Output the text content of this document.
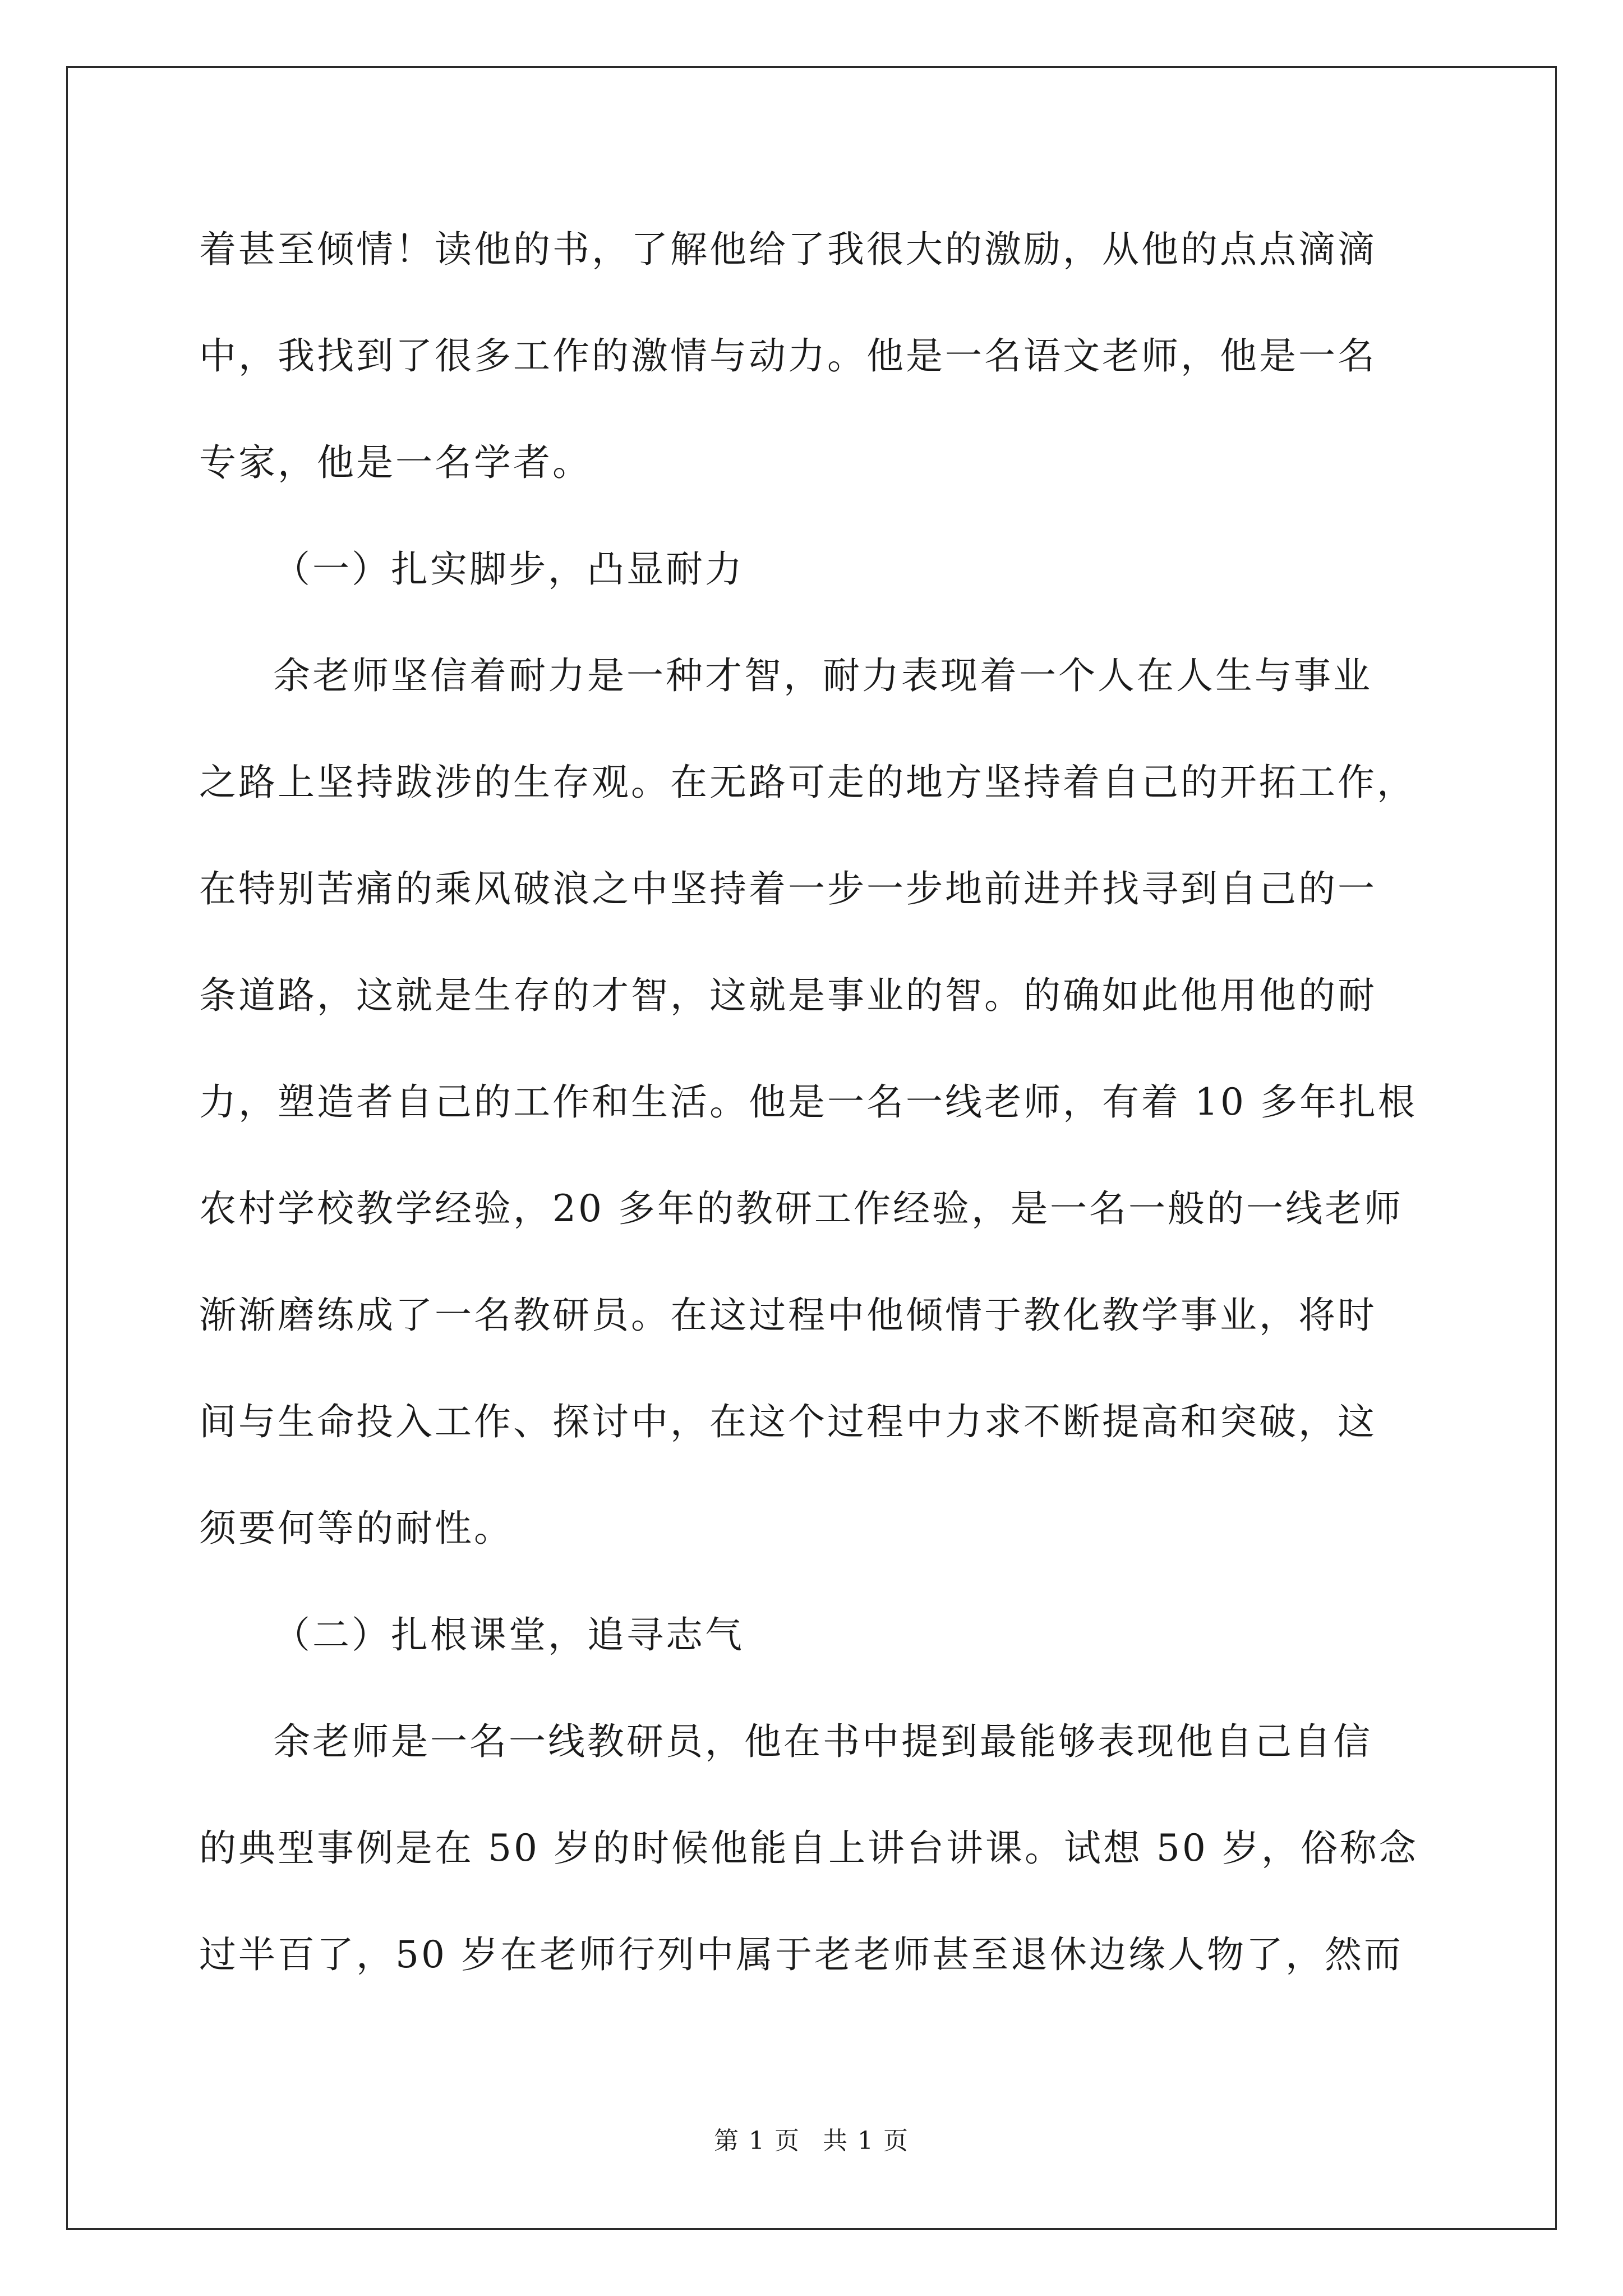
着甚至倾情！读他的书，了解他给了我很大的激励，从他的点点滴滴
中，我找到了很多工作的激情与动力。他是一名语文老师，他是一名
专家，他是一名学者。
（一）扎实脚步，凸显耐力
余老师坚信着耐力是一种才智，耐力表现着一个人在人生与事业
之路上坚持跋涉的生存观。在无路可走的地方坚持着自己的开拓工作，
在特别苦痛的乘风破浪之中坚持着一步一步地前进并找寻到自己的一
条道路，这就是生存的才智，这就是事业的智。的确如此他用他的耐
力，塑造者自己的工作和生活。他是一名一线老师，有着 10 多年扎根
农村学校教学经验，20 多年的教研工作经验，是一名一般的一线老师
渐渐磨练成了一名教研员。在这过程中他倾情于教化教学事业，将时
间与生命投入工作、探讨中，在这个过程中力求不断提高和突破，这
须要何等的耐性。
（二）扎根课堂，追寻志气
余老师是一名一线教研员，他在书中提到最能够表现他自己自信
的典型事例是在 50 岁的时候他能自上讲台讲课。试想 50 岁，俗称念
过半百了，50 岁在老师行列中属于老老师甚至退休边缘人物了，然而
第 1 页 共 1 页
